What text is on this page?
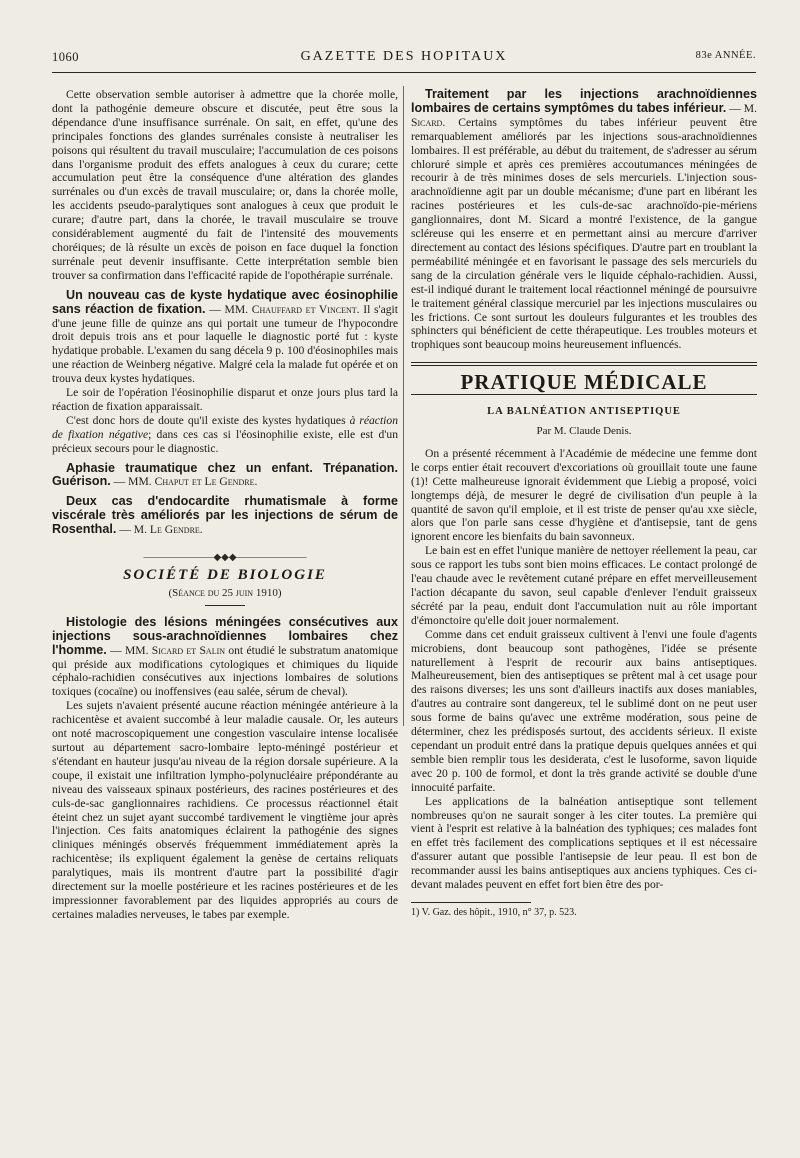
1060	GAZETTE DES HOPITAUX	83e ANNÉE.

Cette observation semble autoriser à admettre que la chorée molle, dont la pathogénie demeure obscure et discutée, peut être sous la dépendance d'une insuffisance surrénale. On sait, en effet, qu'une des principales fonctions des glandes surrénales consiste à neutraliser les poisons qui résultent du travail musculaire; l'accumulation de ces poisons dans l'organisme produit des effets analogues à ceux du curare; cette accumulation peut être la conséquence d'une altération des glandes surrénales ou d'un excès de travail musculaire; or, dans la chorée molle, les accidents pseudo-paralytiques sont analogues à ceux que produit le curare; d'autre part, dans la chorée, le travail musculaire se trouve considérablement augmenté du fait de l'intensité des mouvements choréiques; de là résulte un excès de poison en face duquel la fonction surrénale peut devenir insuffisante. Cette interprétation semble bien trouver sa confirmation dans l'efficacité rapide de l'opothérapie surrénale.

Un nouveau cas de kyste hydatique avec éosinophilie sans réaction de fixation. — MM. Chauffard et Vincent. Il s'agit d'une jeune fille de quinze ans qui portait une tumeur de l'hypocondre droit depuis trois ans et pour laquelle le diagnostic porté fut : kyste hydatique probable. L'examen du sang décela 9 p. 100 d'éosinophiles mais une réaction de Weinberg négative. Malgré cela la malade fut opérée et on trouva deux kystes hydatiques.

Le soir de l'opération l'éosinophilie disparut et onze jours plus tard la réaction de fixation apparaissait.

C'est donc hors de doute qu'il existe des kystes hydatiques à réaction de fixation négative; dans ces cas si l'éosinophilie existe, elle est d'un précieux secours pour le diagnostic.

Aphasie traumatique chez un enfant. Trépanation. Guérison. — MM. Chaput et Le Gendre.

Deux cas d'endocardite rhumatismale à forme viscérale très améliorés par les injections de sérum de Rosenthal. — M. Le Gendre.

———————◆◆◆———————
SOCIÉTÉ DE BIOLOGIE
(Séance du 25 juin 1910)

Histologie des lésions méningées consécutives aux injections sous-arachnoïdiennes lombaires chez l'homme. — MM. Sicard et Salin ont étudié le substratum anatomique qui préside aux modifications cytologiques et chimiques du liquide céphalo-rachidien consécutives aux injections lombaires de solutions toxiques (cocaïne) ou inoffensives (eau salée, sérum de cheval).

Les sujets n'avaient présenté aucune réaction méningée antérieure à la rachicentèse et avaient succombé à leur maladie causale. Or, les auteurs ont noté macroscopiquement une congestion vasculaire intense localisée surtout au département sacro-lombaire lepto-méningé postérieur et s'étendant en hauteur jusqu'au niveau de la région dorsale supérieure. A la coupe, il existait une infiltration lympho-polynucléaire prépondérante au niveau des vaisseaux spinaux postérieurs, des racines postérieures et des culs-de-sac ganglionnaires rachidiens. Ce processus réactionnel était éteint chez un sujet ayant succombé tardivement le vingtième jour après l'injection. Ces faits anatomiques éclairent la pathogénie des signes cliniques méningés observés fréquemment immédiatement après la rachicentèse; ils expliquent également la genèse de certains reliquats paralytiques, mais ils montrent d'autre part la possibilité d'agir directement sur la moelle postérieure et les racines postérieures et de les impressionner favorablement par des liquides appropriés au cours de certaines maladies nerveuses, le tabes par exemple.

Traitement par les injections arachnoïdiennes lombaires de certains symptômes du tabes inférieur. — M. Sicard. Certains symptômes du tabes inférieur peuvent être remarquablement améliorés par les injections sous-arachnoïdiennes lombaires. Il est préférable, au début du traitement, de s'adresser au sérum chloruré simple et après ces premières accoutumances méningées de recourir à de très minimes doses de sels mercuriels. L'injection sous-arachnoïdienne agit par un double mécanisme; d'une part en libérant les racines postérieures et les culs-de-sac arachnoïdo-pie-mériens ganglionnaires, dont M. Sicard a montré l'existence, de la gangue scléreuse qui les enserre et en permettant ainsi au mercure d'arriver directement au contact des lésions spécifiques. D'autre part en troublant la perméabilité méningée et en favorisant le passage des sels mercuriels du sang de la circulation générale vers le liquide céphalo-rachidien. Aussi, est-il indiqué durant le traitement local réactionnel méningé de poursuivre le traitement général classique mercuriel par les injections musculaires ou les frictions. Ce sont surtout les douleurs fulgurantes et les troubles des sphincters qui bénéficient de cette thérapeutique. Les troubles moteurs et trophiques sont beaucoup moins heureusement influencés.

PRATIQUE MÉDICALE
LA BALNÉATION ANTISEPTIQUE
Par M. Claude Denis.

On a présenté récemment à l'Académie de médecine une femme dont le corps entier était recouvert d'excoriations où grouillait toute une faune (1)! Cette malheureuse ignorait évidemment que Liebig a proposé, voici longtemps déjà, de mesurer le degré de civilisation d'un peuple à la quantité de savon qu'il emploie, et il est triste de penser qu'au xxe siècle, alors que l'on parle sans cesse d'hygiène et d'antisepsie, tant de gens ignorent encore les bienfaits du bain savonneux.

Le bain est en effet l'unique manière de nettoyer réellement la peau, car sous ce rapport les tubs sont bien moins efficaces. Le contact prolongé de l'eau chaude avec le revêtement cutané prépare en effet merveilleusement l'action décapante du savon, seul capable d'enlever l'enduit graisseux sécrété par la peau, enduit dont l'accumulation nuit au rôle important d'émonctoire qu'elle doit jouer normalement.

Comme dans cet enduit graisseux cultivent à l'envi une foule d'agents microbiens, dont beaucoup sont pathogènes, l'idée se présente naturellement à l'esprit de recourir aux bains antiseptiques. Malheureusement, bien des antiseptiques se prêtent mal à cet usage pour des raisons diverses; les uns sont d'ailleurs inactifs aux doses maniables, d'autres au contraire sont dangereux, tel le sublimé dont on ne peut user sous forme de bains qu'avec une extrême modération, sous peine de déterminer, chez les prédisposés surtout, des accidents sérieux. Il existe cependant un produit entré dans la pratique depuis quelques années et qui semble bien remplir tous les desiderata, c'est le lusoforme, savon liquide avec 20 p. 100 de formol, et dont la très grande activité se double d'une innocuité parfaite.

Les applications de la balnéation antiseptique sont tellement nombreuses qu'on ne saurait songer à les citer toutes. La première qui vient à l'esprit est relative à la balnéation des typhiques; ces malades font en effet très facilement des complications septiques et il est nécessaire d'assurer autant que possible l'antisepsie de leur peau. Il est bon de recommander aussi les bains antiseptiques aux anciens typhiques. Ces ci-devant malades peuvent en effet fort bien être des por-

1) V. Gaz. des hôpit., 1910, n° 37, p. 523.
